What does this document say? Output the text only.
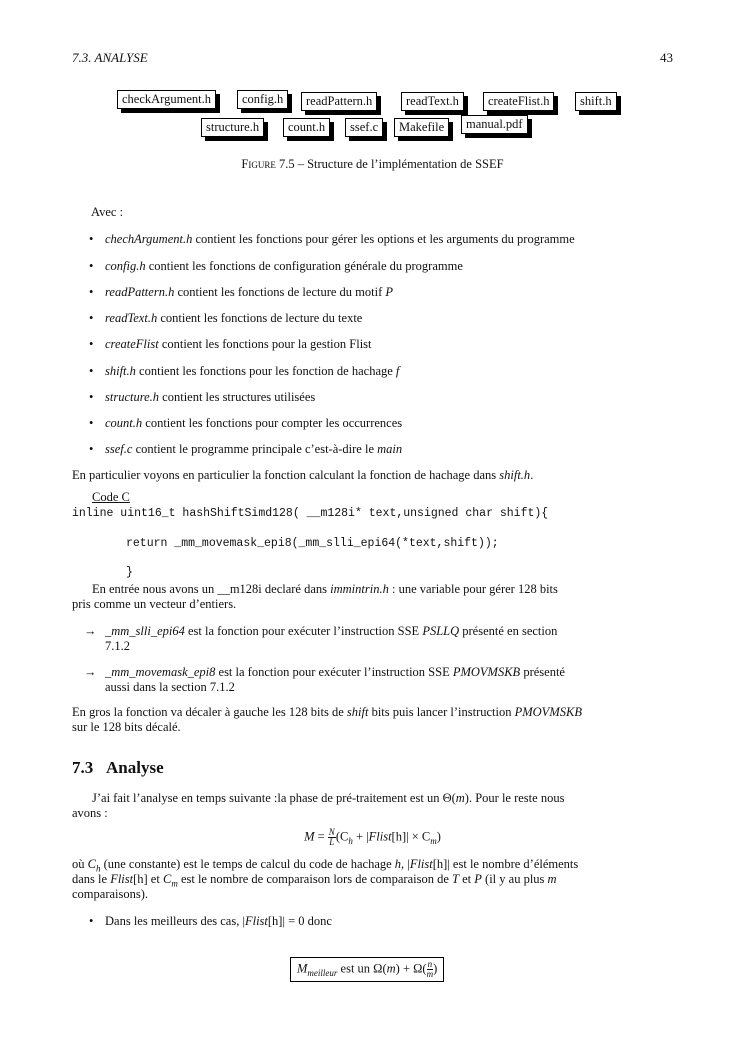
7.3. ANALYSE	43
checkArgument.h	config.h	readPattern.h	readText.h	createFlist.h	shift.h
structure.h	count.h	ssef.c	Makefile	manual.pdf
Figure 7.5 – Structure de l’implémentation de SSEF
Avec :
• chechArgument.h contient les fonctions pour gérer les options et les arguments du programme
• config.h contient les fonctions de configuration générale du programme
• readPattern.h contient les fonctions de lecture du motif P
• readText.h contient les fonctions de lecture du texte
• createFlist contient les fonctions pour la gestion Flist
• shift.h contient les fonctions pour les fonction de hachage f
• structure.h contient les structures utilisées
• count.h contient les fonctions pour compter les occurrences
• ssef.c contient le programme principale c’est-à-dire le main
En particulier voyons en particulier la fonction calculant la fonction de hachage dans shift.h.
Code C
inline uint16_t hashShiftSimd128( __m128i* text,unsigned char shift){
return _mm_movemask_epi8(_mm_slli_epi64(*text,shift));
}
En entrée nous avons un __m128i declaré dans immintrin.h : une variable pour gérer 128 bits
pris comme un vecteur d’entiers.
→ _mm_slli_epi64 est la fonction pour exécuter l’instruction SSE PSLLQ présenté en section
7.1.2
→ _mm_movemask_epi8 est la fonction pour exécuter l’instruction SSE PMOVMSKB présenté
aussi dans la section 7.1.2
En gros la fonction va décaler à gauche les 128 bits de shift bits puis lancer l’instruction PMOVMSKB
sur le 128 bits décalé.
7.3 Analyse
J’ai fait l’analyse en temps suivante :la phase de pré-traitement est un Θ(m). Pour le reste nous
avons :
$M = \frac{N}{L} (C_h$ + |Flist[h]| × $C_m$)
où $C_h$ (une constante) est le temps de calcul du code de hachage h, |Flist[h]| est le nombre d’éléments
dans le Flist[h] et $C_m$ est le nombre de comparaison lors de comparaison de T et P (il y au plus m
comparaisons).
• Dans les meilleurs des cas, |Flist[h]| = 0 donc
$M_{meilleur}$ est un $\Omega(m) + \Omega( \frac{n}{m}$ )
